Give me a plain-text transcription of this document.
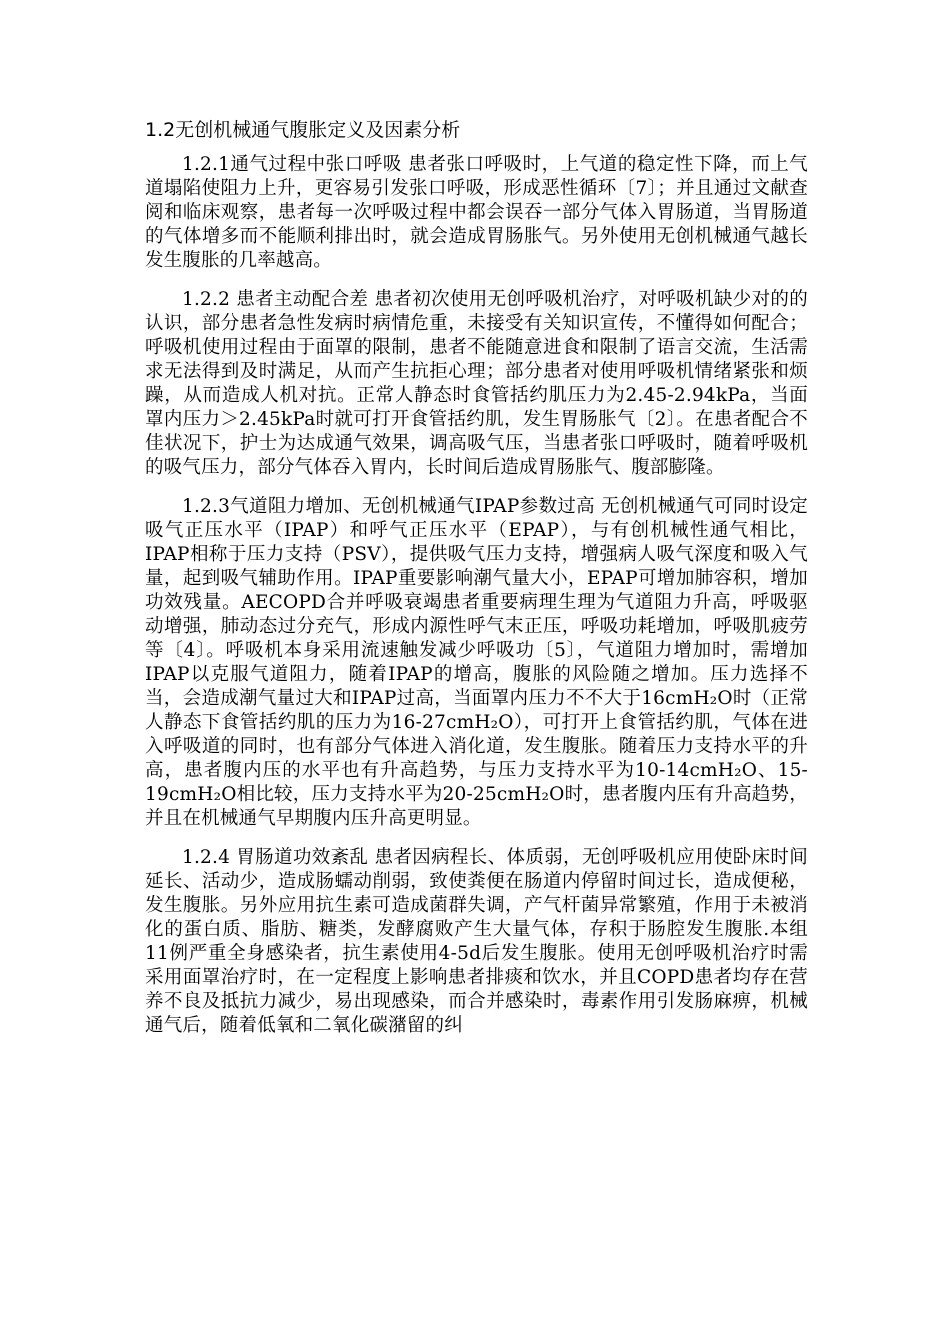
1.2无创机械通气腹胀定义及因素分析

1.2.1通气过程中张口呼吸 患者张口呼吸时，上气道的稳定性下降，而上气道塌陷使阻力上升，更容易引发张口呼吸，形成恶性循环〔7〕；并且通过文献查阅和临床观察，患者每一次呼吸过程中都会误吞一部分气体入胃肠道，当胃肠道的气体增多而不能顺利排出时，就会造成胃肠胀气。另外使用无创机械通气越长发生腹胀的几率越高。

1.2.2 患者主动配合差 患者初次使用无创呼吸机治疗，对呼吸机缺少对的的认识，部分患者急性发病时病情危重，未接受有关知识宣传，不懂得如何配合；呼吸机使用过程由于面罩的限制，患者不能随意进食和限制了语言交流，生活需求无法得到及时满足，从而产生抗拒心理；部分患者对使用呼吸机情绪紧张和烦躁，从而造成人机对抗。正常人静态时食管括约肌压力为2.45-2.94kPa，当面罩内压力＞2.45kPa时就可打开食管括约肌，发生胃肠胀气〔2〕。在患者配合不佳状况下，护士为达成通气效果，调高吸气压，当患者张口呼吸时，随着呼吸机的吸气压力，部分气体吞入胃内，长时间后造成胃肠胀气、腹部膨隆。

1.2.3气道阻力增加、无创机械通气IPAP参数过高 无创机械通气可同时设定吸气正压水平（IPAP）和呼气正压水平（EPAP），与有创机械性通气相比，IPAP相称于压力支持（PSV），提供吸气压力支持，增强病人吸气深度和吸入气量，起到吸气辅助作用。IPAP重要影响潮气量大小，EPAP可增加肺容积，增加功效残量。AECOPD合并呼吸衰竭患者重要病理生理为气道阻力升高，呼吸驱动增强，肺动态过分充气，形成内源性呼气末正压，呼吸功耗增加，呼吸肌疲劳等〔4〕。呼吸机本身采用流速触发减少呼吸功〔5〕，气道阻力增加时，需增加IPAP以克服气道阻力，随着IPAP的增高，腹胀的风险随之增加。压力选择不当，会造成潮气量过大和IPAP过高，当面罩内压力不不大于16cmH₂O时（正常人静态下食管括约肌的压力为16-27cmH₂O），可打开上食管括约肌，气体在进入呼吸道的同时，也有部分气体进入消化道，发生腹胀。随着压力支持水平的升高，患者腹内压的水平也有升高趋势，与压力支持水平为10-14cmH₂O、15-19cmH₂O相比较，压力支持水平为20-25cmH₂O时，患者腹内压有升高趋势，并且在机械通气早期腹内压升高更明显。

1.2.4 胃肠道功效紊乱 患者因病程长、体质弱，无创呼吸机应用使卧床时间延长、活动少，造成肠蠕动削弱，致使粪便在肠道内停留时间过长，造成便秘，发生腹胀。另外应用抗生素可造成菌群失调，产气杆菌异常繁殖，作用于未被消化的蛋白质、脂肪、糖类，发酵腐败产生大量气体，存积于肠腔发生腹胀.本组11例严重全身感染者，抗生素使用4-5d后发生腹胀。使用无创呼吸机治疗时需采用面罩治疗时，在一定程度上影响患者排痰和饮水，并且COPD患者均存在营养不良及抵抗力减少，易出现感染，而合并感染时，毒素作用引发肠麻痹，机械通气后，随着低氧和二氧化碳潴留的纠
